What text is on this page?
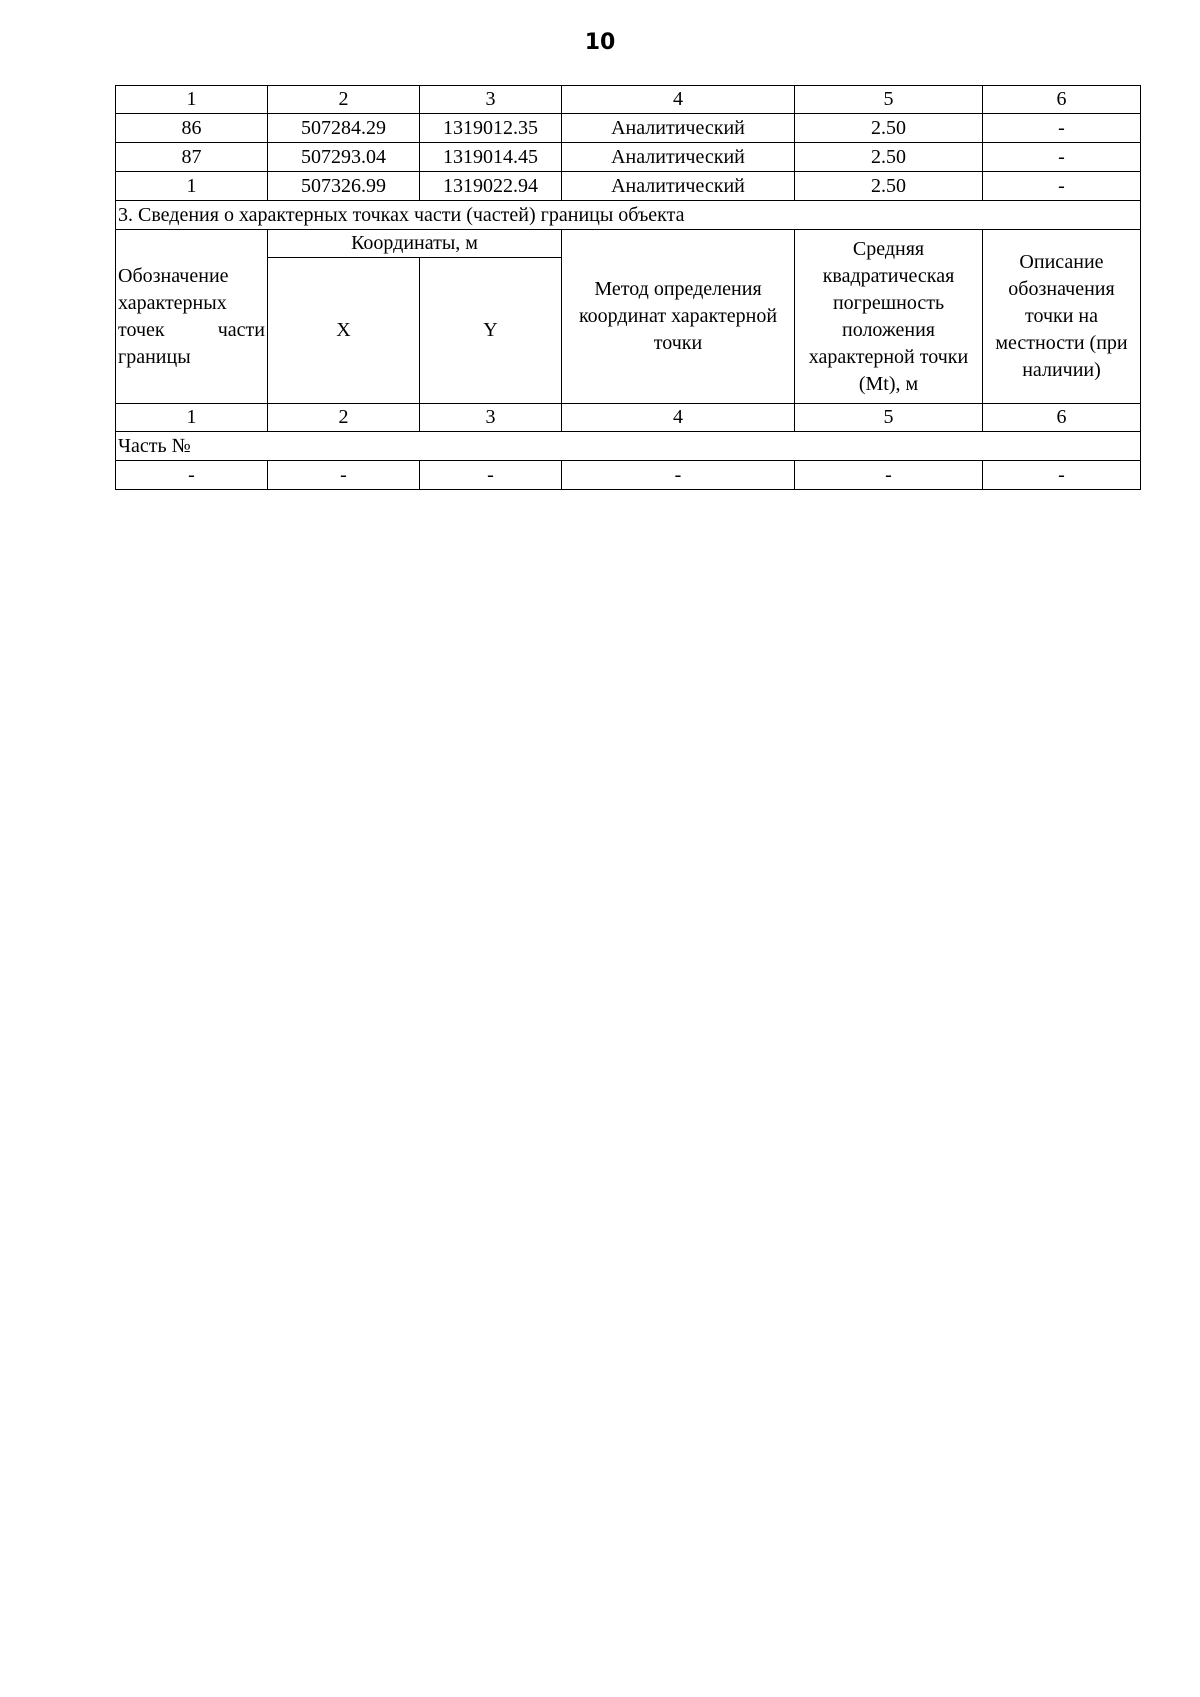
10
1	2	3	4	5	6
86	507284.29	1319012.35	Аналитический	2.50	-
87	507293.04	1319014.45	Аналитический	2.50	-
1	507326.99	1319022.94	Аналитический	2.50	-
3. Сведения о характерных точках части (частей) границы объекта					
Обозначение характерных
точек части
границы	Координаты, м		Метод определения координат характерной точки	Средняя квадратическая погрешность положения характерной точки (Mt), м	Описание обозначения точки на местности (при наличии)
	X	Y			
1	2	3	4	5	6
Часть №					
-	-	-	-	-	-
